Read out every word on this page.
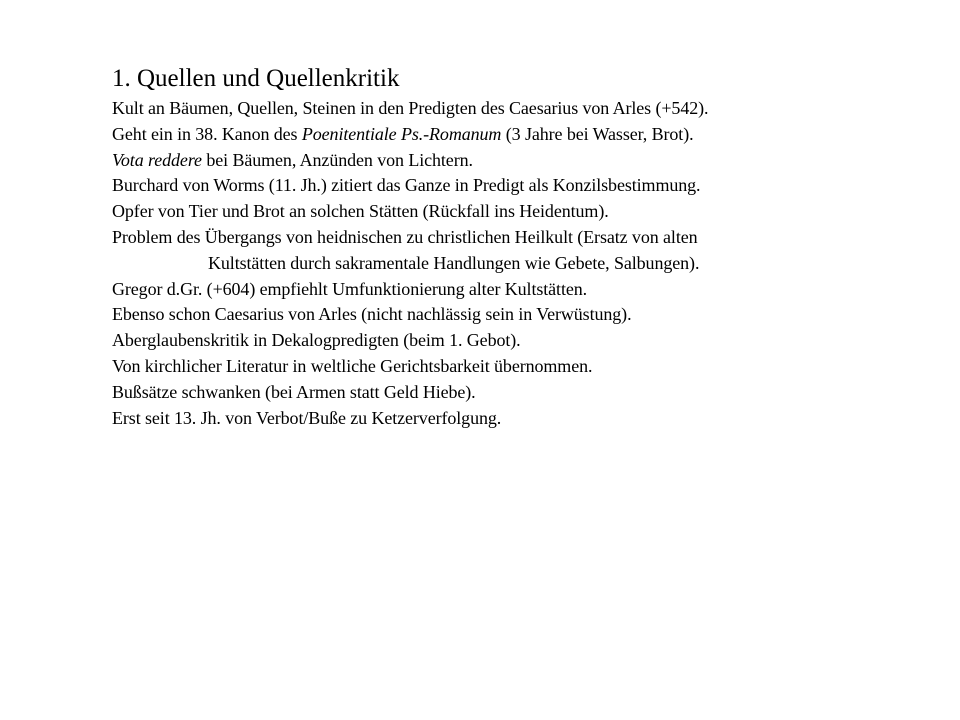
1. Quellen und Quellenkritik

Kult an Bäumen, Quellen, Steinen in den Predigten des Caesarius von Arles (+542).

Geht ein in 38. Kanon des Poenitentiale Ps.-Romanum (3 Jahre bei Wasser, Brot).

Vota reddere bei Bäumen, Anzünden von Lichtern.

Burchard von Worms (11. Jh.) zitiert das Ganze in Predigt als Konzilsbestimmung.

Opfer von Tier und Brot an solchen Stätten (Rückfall ins Heidentum).

Problem des Übergangs von heidnischen zu christlichen Heilkult (Ersatz von alten

Kultstätten durch sakramentale Handlungen wie Gebete, Salbungen).

Gregor d.Gr. (+604) empfiehlt Umfunktionierung alter Kultstätten.

Ebenso schon Caesarius von Arles (nicht nachlässig sein in Verwüstung).

Aberglaubenskritik in Dekalogpredigten (beim 1. Gebot).

Von kirchlicher Literatur in weltliche Gerichtsbarkeit übernommen.

Bußsätze schwanken (bei Armen statt Geld Hiebe).

Erst seit 13. Jh. von Verbot/Buße zu Ketzerverfolgung.
